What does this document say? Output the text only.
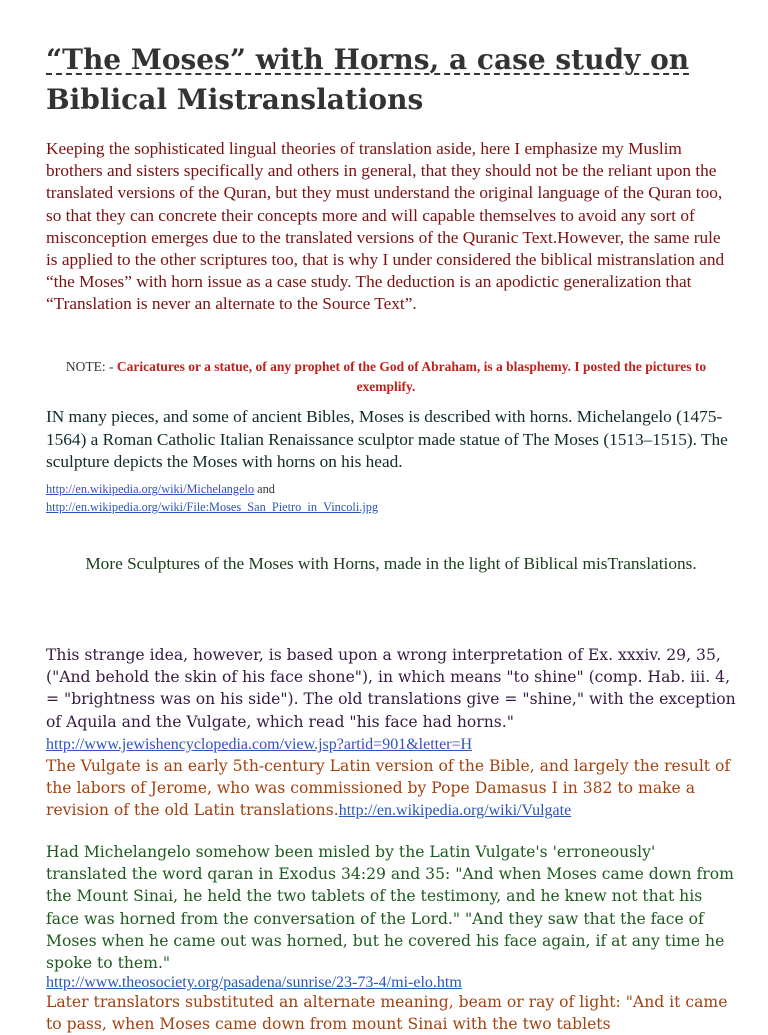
“The Moses” with Horns, a case study on
Biblical Mistranslations

Keeping the sophisticated lingual theories of translation aside, here I emphasize my Muslim brothers and sisters specifically and others in general, that they should not be the reliant upon the translated versions of the Quran, but they must understand the original language of the Quran too, so that they can concrete their concepts more and will capable themselves to avoid any sort of misconception emerges due to the translated versions of the Quranic Text.However, the same rule is applied to the other scriptures too, that is why I under considered the biblical mistranslation and “the Moses” with horn issue as a case study. The deduction is an apodictic generalization that “Translation is never an alternate to the Source Text”.

NOTE: - Caricatures or a statue, of any prophet of the God of Abraham, is a blasphemy. I posted the pictures to exemplify.

IN many pieces, and some of ancient Bibles, Moses is described with horns. Michelangelo (1475-1564) a Roman Catholic Italian Renaissance sculptor made statue of The Moses (1513–1515). The sculpture depicts the Moses with horns on his head.

http://en.wikipedia.org/wiki/Michelangelo and
http://en.wikipedia.org/wiki/File:Moses_San_Pietro_in_Vincoli.jpg

More Sculptures of the Moses with Horns, made in the light of Biblical misTranslations.

This strange idea, however, is based upon a wrong interpretation of Ex. xxxiv. 29, 35, ("And behold the skin of his face shone"), in which means "to shine" (comp. Hab. iii. 4, = "brightness was on his side"). The old translations give = "shine," with the exception of Aquila and the Vulgate, which read "his face had horns." http://www.jewishencyclopedia.com/view.jsp?artid=901&letter=H

The Vulgate is an early 5th-century Latin version of the Bible, and largely the result of the labors of Jerome, who was commissioned by Pope Damasus I in 382 to make a revision of the old Latin translations.http://en.wikipedia.org/wiki/Vulgate

Had Michelangelo somehow been misled by the Latin Vulgate's 'erroneously' translated the word qaran in Exodus 34:29 and 35: "And when Moses came down from the Mount Sinai, he held the two tablets of the testimony, and he knew not that his face was horned from the conversation of the Lord." "And they saw that the face of Moses when he came out was horned, but he covered his face again, if at any time he spoke to them."

http://www.theosociety.org/pasadena/sunrise/23-73-4/mi-elo.htm

Later translators substituted an alternate meaning, beam or ray of light: "And it came to pass, when Moses came down from mount Sinai with the two tablets
